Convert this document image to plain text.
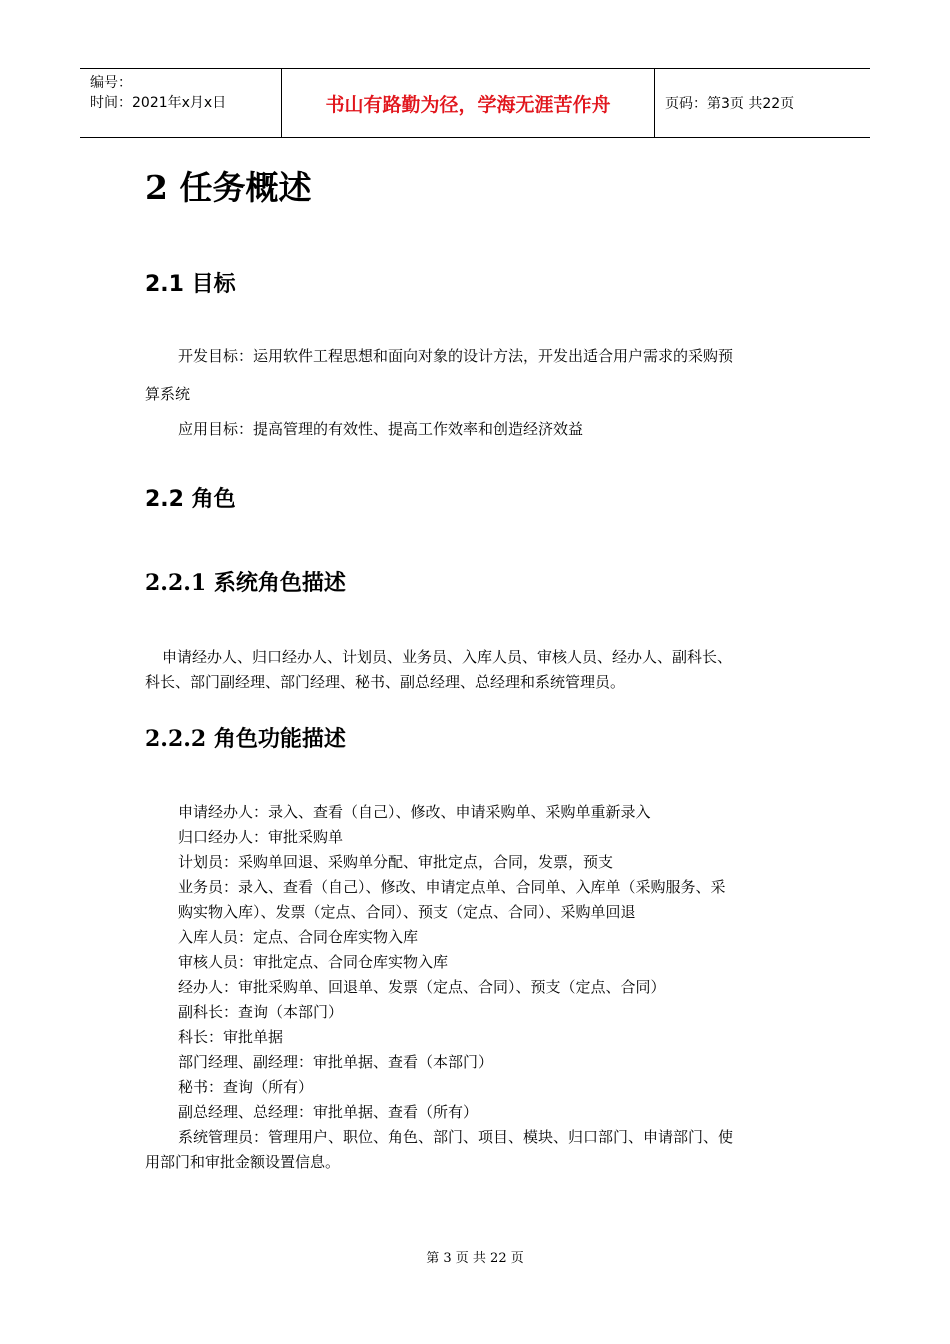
编号：
时间：2021年x月x日	书山有路勤为径，学海无涯苦作舟	页码：第3页 共22页
2 任务概述
2.1 目标
开发目标：运用软件工程思想和面向对象的设计方法，开发出适合用户需求的采购预
算系统
应用目标：提高管理的有效性、提高工作效率和创造经济效益
2.2 角色
2.2.1 系统角色描述
申请经办人、归口经办人、计划员、业务员、入库人员、审核人员、经办人、副科长、
科长、部门副经理、部门经理、秘书、副总经理、总经理和系统管理员。
2.2.2 角色功能描述
申请经办人：录入、查看（自己）、修改、申请采购单、采购单重新录入
归口经办人：审批采购单
计划员：采购单回退、采购单分配、审批定点，合同，发票，预支
业务员：录入、查看（自己）、修改、申请定点单、合同单、入库单（采购服务、采
购实物入库）、发票（定点、合同）、预支（定点、合同）、采购单回退
入库人员：定点、合同仓库实物入库
审核人员：审批定点、合同仓库实物入库
经办人：审批采购单、回退单、发票（定点、合同）、预支（定点、合同）
副科长：查询（本部门）
科长：审批单据
部门经理、副经理：审批单据、查看（本部门）
秘书：查询（所有）
副总经理、总经理：审批单据、查看（所有）
系统管理员：管理用户、职位、角色、部门、项目、模块、归口部门、申请部门、使
用部门和审批金额设置信息。
第 3 页 共 22 页
